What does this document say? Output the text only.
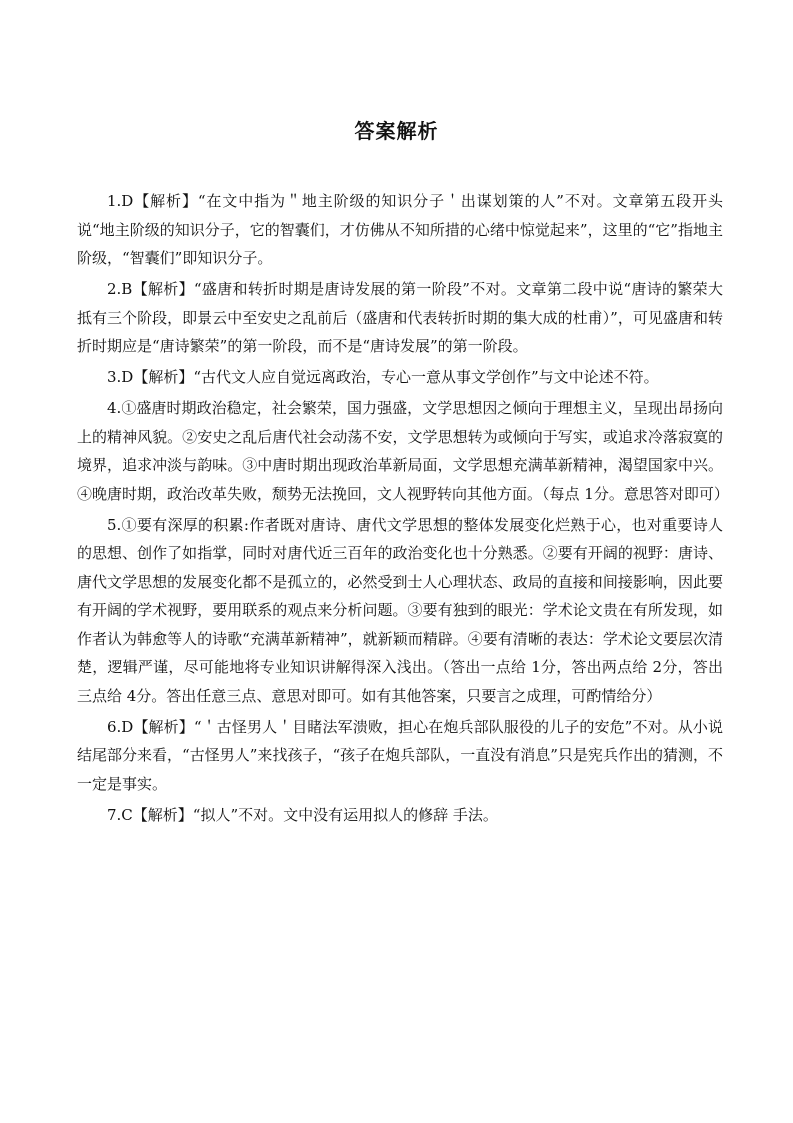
答案解析

1.D【解析】“在文中指为＂地主阶级的知识分子＇出谋划策的人”不对。文章第五段开头说“地主阶级的知识分子，它的智囊们，才仿佛从不知所措的心绪中惊觉起来”，这里的“它”指地主阶级，“智囊们”即知识分子。

2.B【解析】“盛唐和转折时期是唐诗发展的第一阶段”不对。文章第二段中说“唐诗的繁荣大抵有三个阶段，即景云中至安史之乱前后（盛唐和代表转折时期的集大成的杜甫）”，可见盛唐和转折时期应是“唐诗繁荣”的第一阶段，而不是“唐诗发展”的第一阶段。

3.D【解析】“古代文人应自觉远离政治，专心一意从事文学创作”与文中论述不符。

4.①盛唐时期政治稳定，社会繁荣，国力强盛，文学思想因之倾向于理想主义，呈现出昂扬向上的精神风貌。②安史之乱后唐代社会动荡不安，文学思想转为或倾向于写实，或追求冷落寂寞的境界，追求冲淡与韵味。③中唐时期出现政治革新局面，文学思想充满革新精神，渴望国家中兴。④晚唐时期，政治改革失败，颓势无法挽回，文人视野转向其他方面。（每点 1分。意思答对即可）

5.①要有深厚的积累:作者既对唐诗、唐代文学思想的整体发展变化烂熟于心，也对重要诗人的思想、创作了如指掌，同时对唐代近三百年的政治变化也十分熟悉。②要有开阔的视野：唐诗、唐代文学思想的发展变化都不是孤立的，必然受到士人心理状态、政局的直接和间接影响，因此要有开阔的学术视野，要用联系的观点来分析问题。③要有独到的眼光：学术论文贵在有所发现，如作者认为韩愈等人的诗歌“充满革新精神”，就新颖而精辟。④要有清晰的表达：学术论文要层次清楚，逻辑严谨，尽可能地将专业知识讲解得深入浅出。（答出一点给 1分，答出两点给 2分，答出三点给 4分。答出任意三点、意思对即可。如有其他答案，只要言之成理，可酌情给分）

6.D【解析】“＇古怪男人＇目睹法军溃败，担心在炮兵部队服役的儿子的安危”不对。从小说结尾部分来看，“古怪男人”来找孩子，“孩子在炮兵部队，一直没有消息”只是宪兵作出的猜测，不一定是事实。

7.C【解析】“拟人”不对。文中没有运用拟人的修辞 手法。
